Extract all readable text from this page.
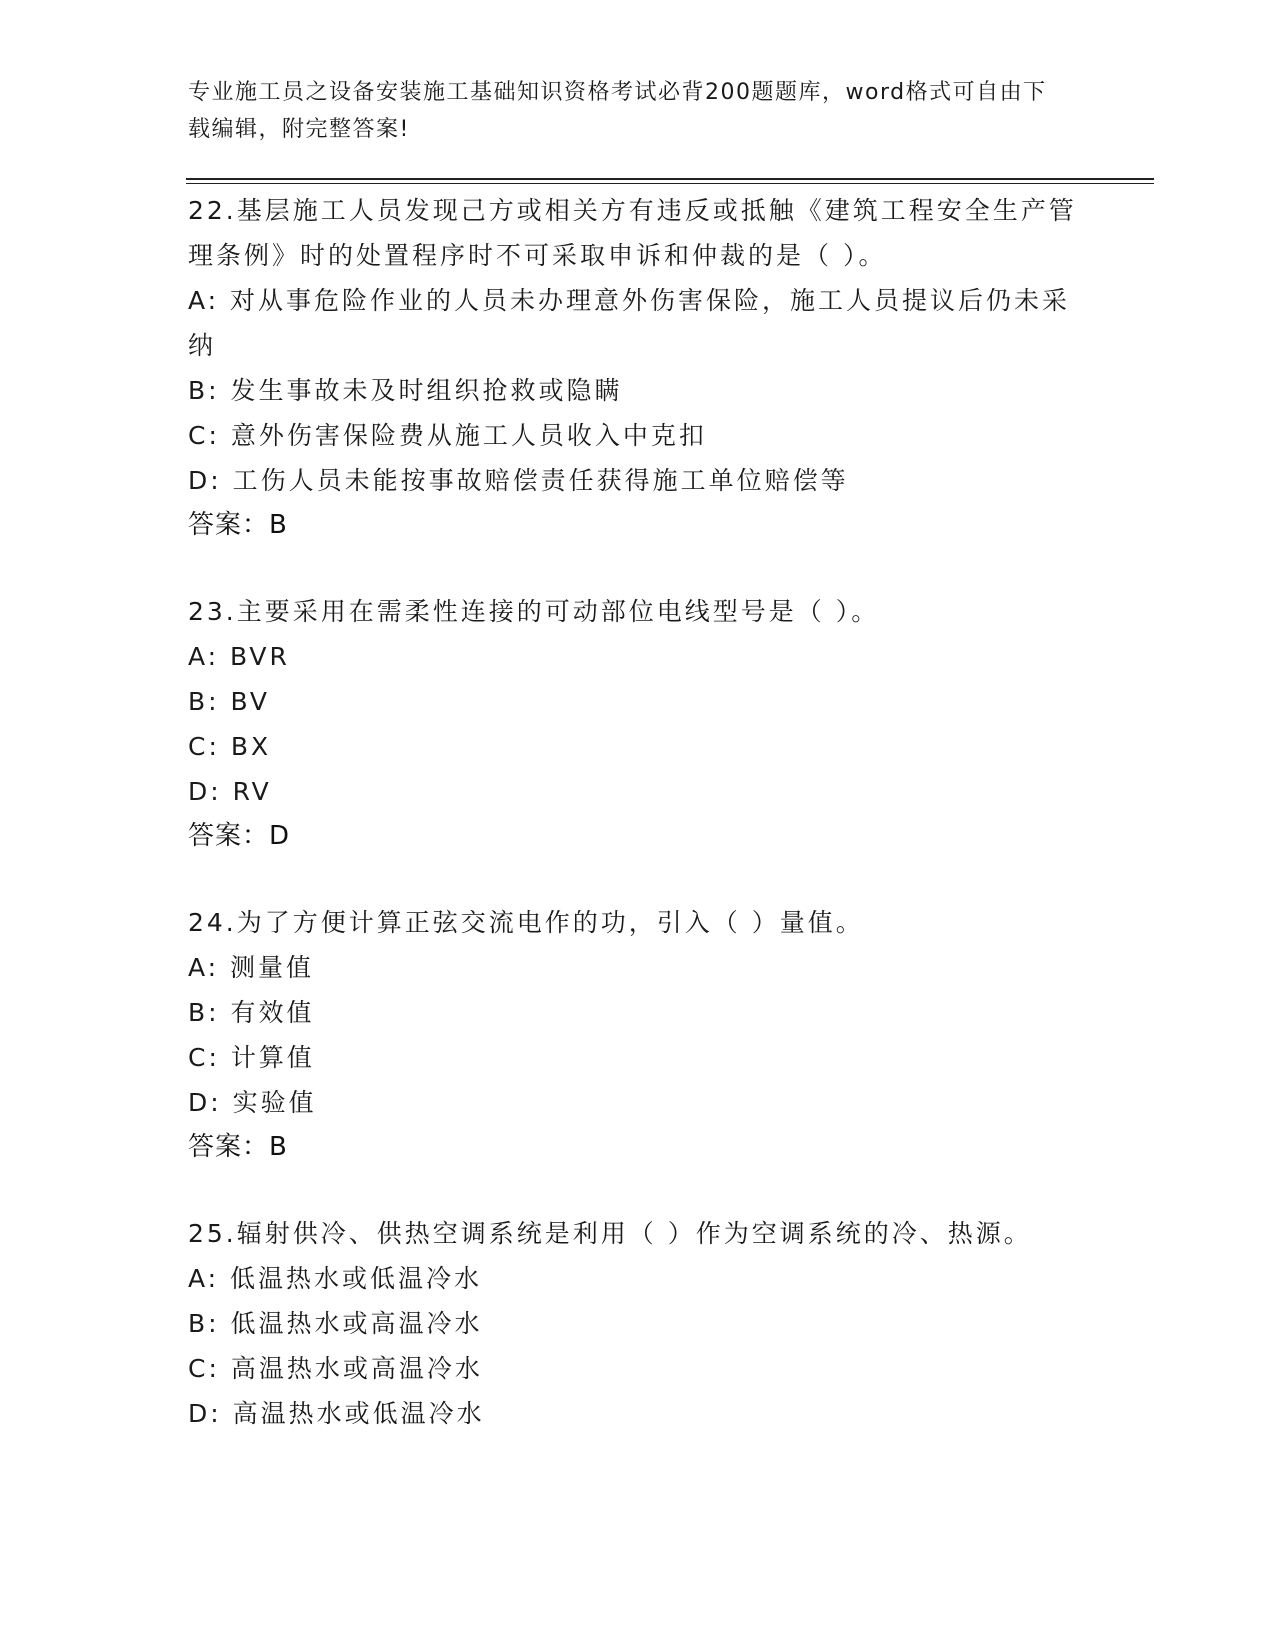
专业施工员之设备安装施工基础知识资格考试必背200题题库，word格式可自由下载编辑，附完整答案!
22.基层施工人员发现己方或相关方有违反或抵触《建筑工程安全生产管理条例》时的处置程序时不可采取申诉和仲裁的是（ ）。
A: 对从事危险作业的人员未办理意外伤害保险，施工人员提议后仍未采纳
B: 发生事故未及时组织抢救或隐瞒
C: 意外伤害保险费从施工人员收入中克扣
D: 工伤人员未能按事故赔偿责任获得施工单位赔偿等
答案：B
23.主要采用在需柔性连接的可动部位电线型号是（ ）。
A: BVR
B: BV
C: BX
D: RV
答案：D
24.为了方便计算正弦交流电作的功，引入（ ）量值。
A: 测量值
B: 有效值
C: 计算值
D: 实验值
答案：B
25.辐射供冷、供热空调系统是利用（ ）作为空调系统的冷、热源。
A: 低温热水或低温冷水
B: 低温热水或高温冷水
C: 高温热水或高温冷水
D: 高温热水或低温冷水
